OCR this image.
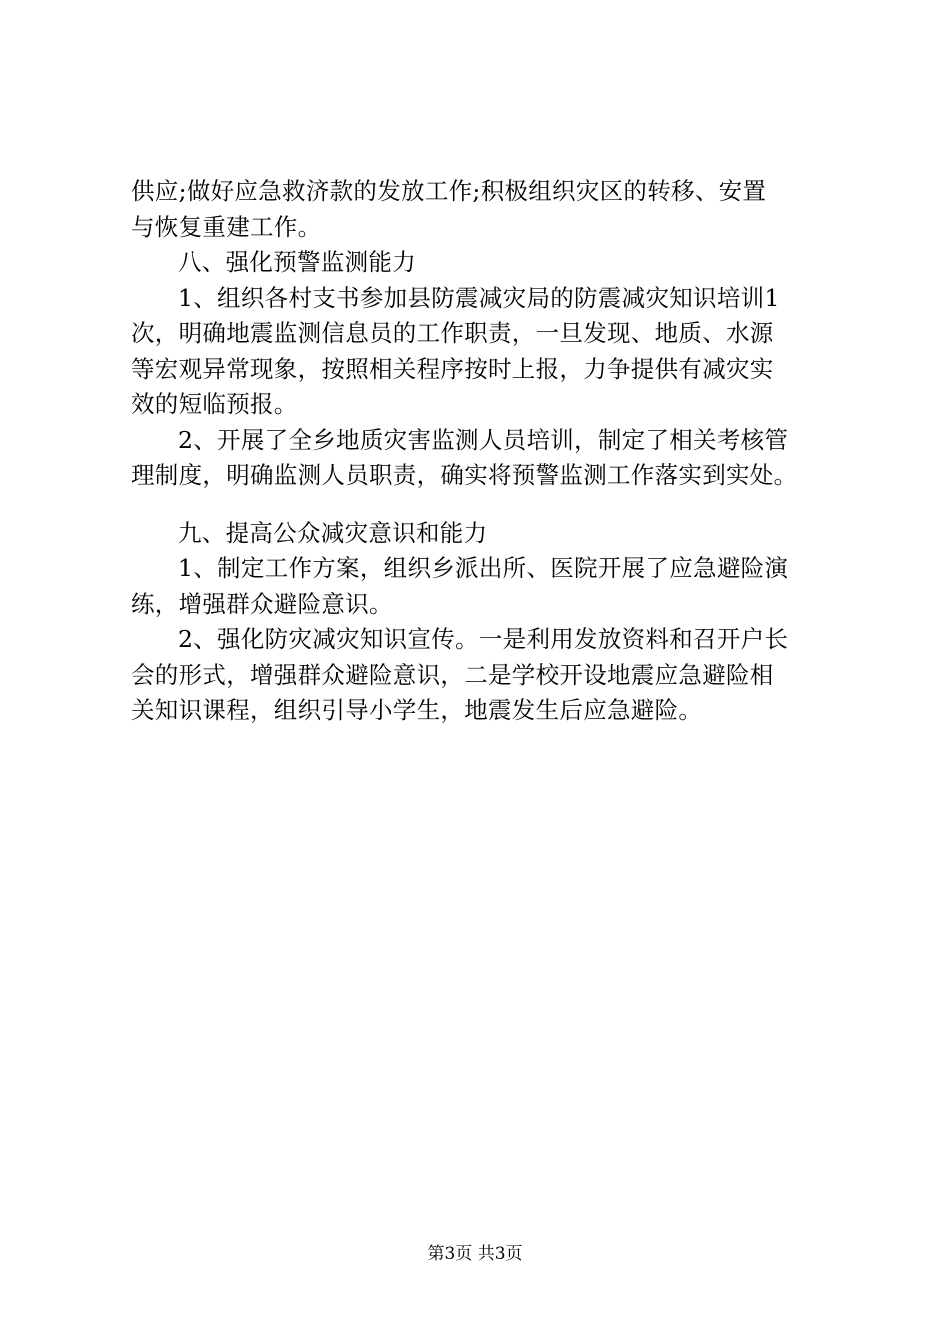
供应;做好应急救济款的发放工作;积极组织灾区的转移、安置
与恢复重建工作。
八、强化预警监测能力
1、组织各村支书参加县防震减灾局的防震减灾知识培训1
次，明确地震监测信息员的工作职责，一旦发现、地质、水源
等宏观异常现象，按照相关程序按时上报，力争提供有减灾实
效的短临预报。
2、开展了全乡地质灾害监测人员培训，制定了相关考核管
理制度，明确监测人员职责，确实将预警监测工作落实到实处。
九、提高公众减灾意识和能力
1、制定工作方案，组织乡派出所、医院开展了应急避险演
练，增强群众避险意识。
2、强化防灾减灾知识宣传。一是利用发放资料和召开户长
会的形式，增强群众避险意识，二是学校开设地震应急避险相
关知识课程，组织引导小学生，地震发生后应急避险。
第3页 共3页
